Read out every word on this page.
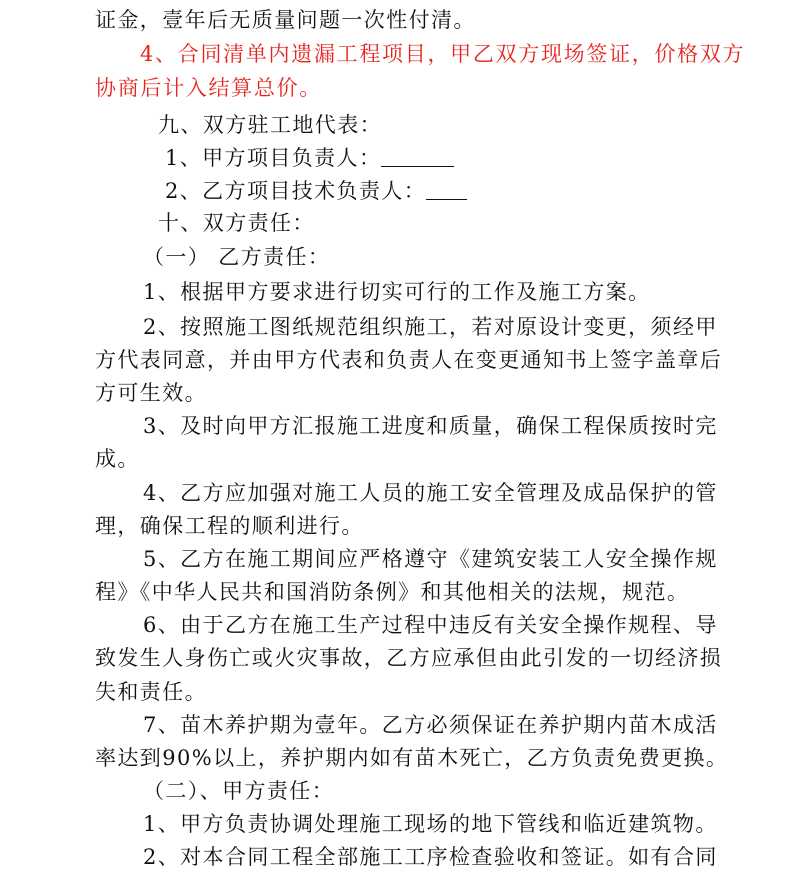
证金，壹年后无质量问题一次性付清。
4、合同清单内遗漏工程项目，甲乙双方现场签证，价格双方
协商后计入结算总价。
九、双方驻工地代表：
1、甲方项目负责人：
2、乙方项目技术负责人：
十、双方责任：
（一） 乙方责任：
1、根据甲方要求进行切实可行的工作及施工方案。
2、按照施工图纸规范组织施工，若对原设计变更，须经甲
方代表同意，并由甲方代表和负责人在变更通知书上签字盖章后
方可生效。
3、及时向甲方汇报施工进度和质量，确保工程保质按时完
成。
4、乙方应加强对施工人员的施工安全管理及成品保护的管
理，确保工程的顺利进行。
5、乙方在施工期间应严格遵守《建筑安装工人安全操作规
程》《中华人民共和国消防条例》和其他相关的法规，规范。
6、由于乙方在施工生产过程中违反有关安全操作规程、导
致发生人身伤亡或火灾事故，乙方应承但由此引发的一切经济损
失和责任。
7、苗木养护期为壹年。乙方必须保证在养护期内苗木成活
率达到90%以上，养护期内如有苗木死亡，乙方负责免费更换。
（二）、甲方责任：
1、甲方负责协调处理施工现场的地下管线和临近建筑物。
2、对本合同工程全部施工工序检查验收和签证。如有合同
